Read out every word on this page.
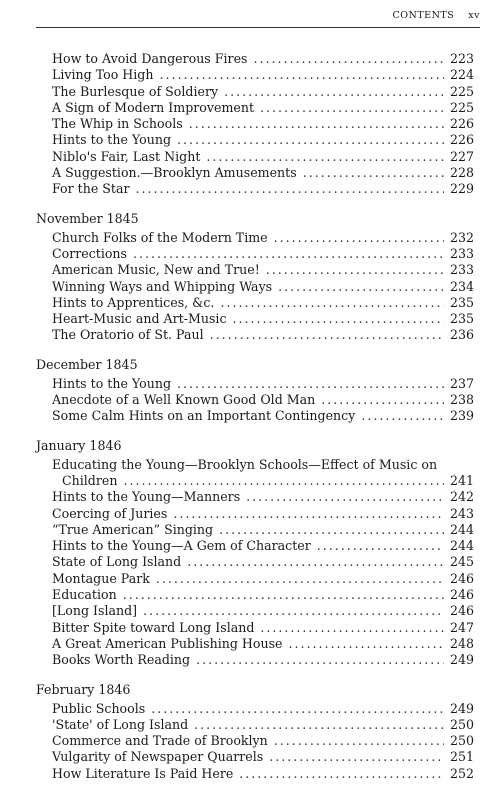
CONTENTS xv
How to Avoid Dangerous Fires .....	223
Living Too High .....	224
The Burlesque of Soldiery .....	225
A Sign of Modern Improvement .....	225
The Whip in Schools .....	226
Hints to the Young .....	226
Niblo's Fair, Last Night .....	227
A Suggestion.—Brooklyn Amusements .....	228
For the Star .....	229
November 1845
Church Folks of the Modern Time .....	232
Corrections .....	233
American Music, New and True! .....	233
Winning Ways and Whipping Ways .....	234
Hints to Apprentices, &c. .....	235
Heart-Music and Art-Music .....	235
The Oratorio of St. Paul .....	236
December 1845
Hints to the Young .....	237
Anecdote of a Well Known Good Old Man .....	238
Some Calm Hints on an Important Contingency .....	239
January 1846
Educating the Young—Brooklyn Schools—Effect of Music on
Children .....	241
Hints to the Young—Manners .....	242
Coercing of Juries .....	243
“True American” Singing .....	244
Hints to the Young—A Gem of Character .....	244
State of Long Island .....	245
Montague Park .....	246
Education .....	246
[Long Island] .....	246
Bitter Spite toward Long Island .....	247
A Great American Publishing House .....	248
Books Worth Reading .....	249
February 1846
Public Schools .....	249
'State' of Long Island .....	250
Commerce and Trade of Brooklyn .....	250
Vulgarity of Newspaper Quarrels .....	251
How Literature Is Paid Here .....	252
